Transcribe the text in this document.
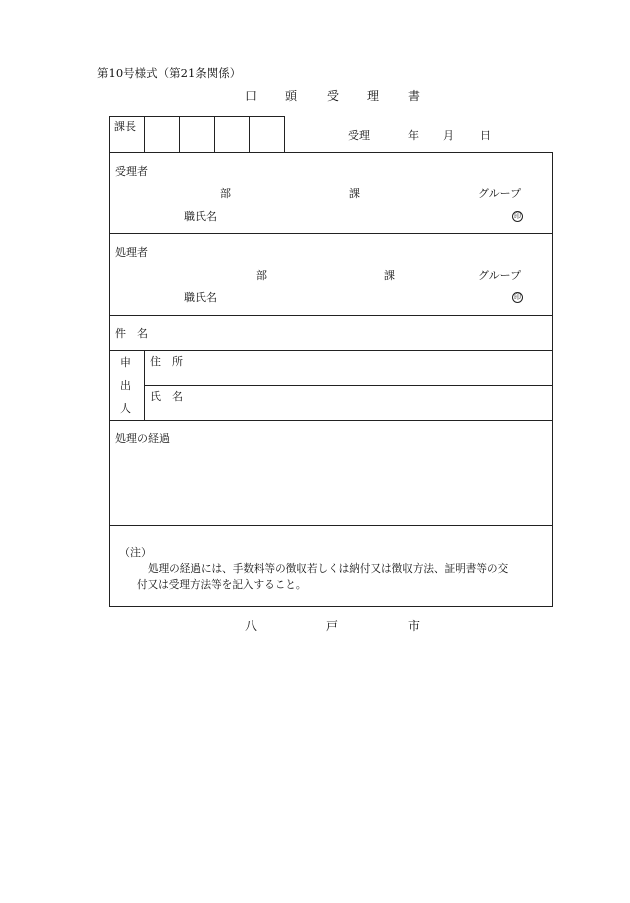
第10号様式（第21条関係）
口 頭 受 理 書
課長
受理	年 月 日
受理者
部	課	グループ
職氏名	印
処理者
部	課	グループ
職氏名	印
件　名
申
出
人
住　所
氏　名
処理の経過
（注）
処理の経過には、手数料等の徴収若しくは納付又は徴収方法、証明書等の交
付又は受理方法等を記入すること。
八	戸	市
